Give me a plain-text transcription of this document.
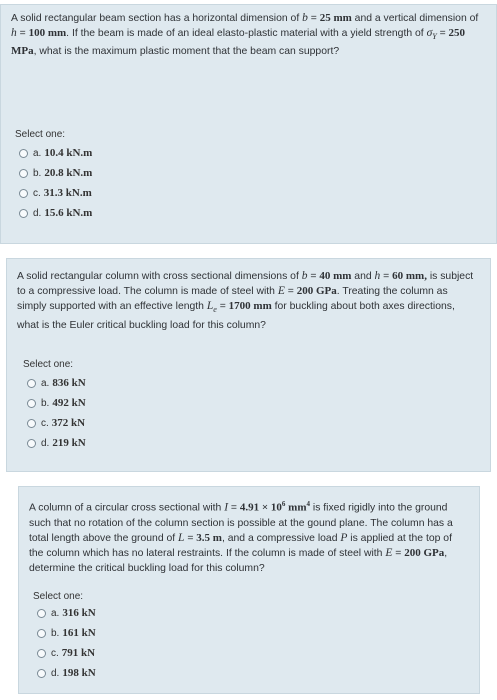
A solid rectangular beam section has a horizontal dimension of b = 25 mm and a vertical dimension of h = 100 mm. If the beam is made of an ideal elasto-plastic material with a yield strength of $\sigma_Y = 250$ MPa, what is the maximum plastic moment that the beam can support?

Select one:

a. 10.4 kN.m
b. 20.8 kN.m
c. 31.3 kN.m
d. 15.6 kN.m

A solid rectangular column with cross sectional dimensions of b = 40 mm and h = 60 mm, is subject to a compressive load. The column is made of steel with E = 200 GPa. Treating the column as simply supported with an effective length $L_e = 1700$ mm for buckling about both axes directions, what is the Euler critical buckling load for this column?

Select one:

a. 836 kN
b. 492 kN
c. 372 kN
d. 219 kN

A column of a circular cross sectional with $I = 4.91 \times 10^6$ $mm^4$ is fixed rigidly into the ground such that no rotation of the column section is possible at the gound plane. The column has a total length above the ground of L = 3.5 m, and a compressive load P is applied at the top of the column which has no lateral restraints. If the column is made of steel with E = 200 GPa, determine the critical buckling load for this column?

Select one:

a. 316 kN
b. 161 kN
c. 791 kN
d. 198 kN
